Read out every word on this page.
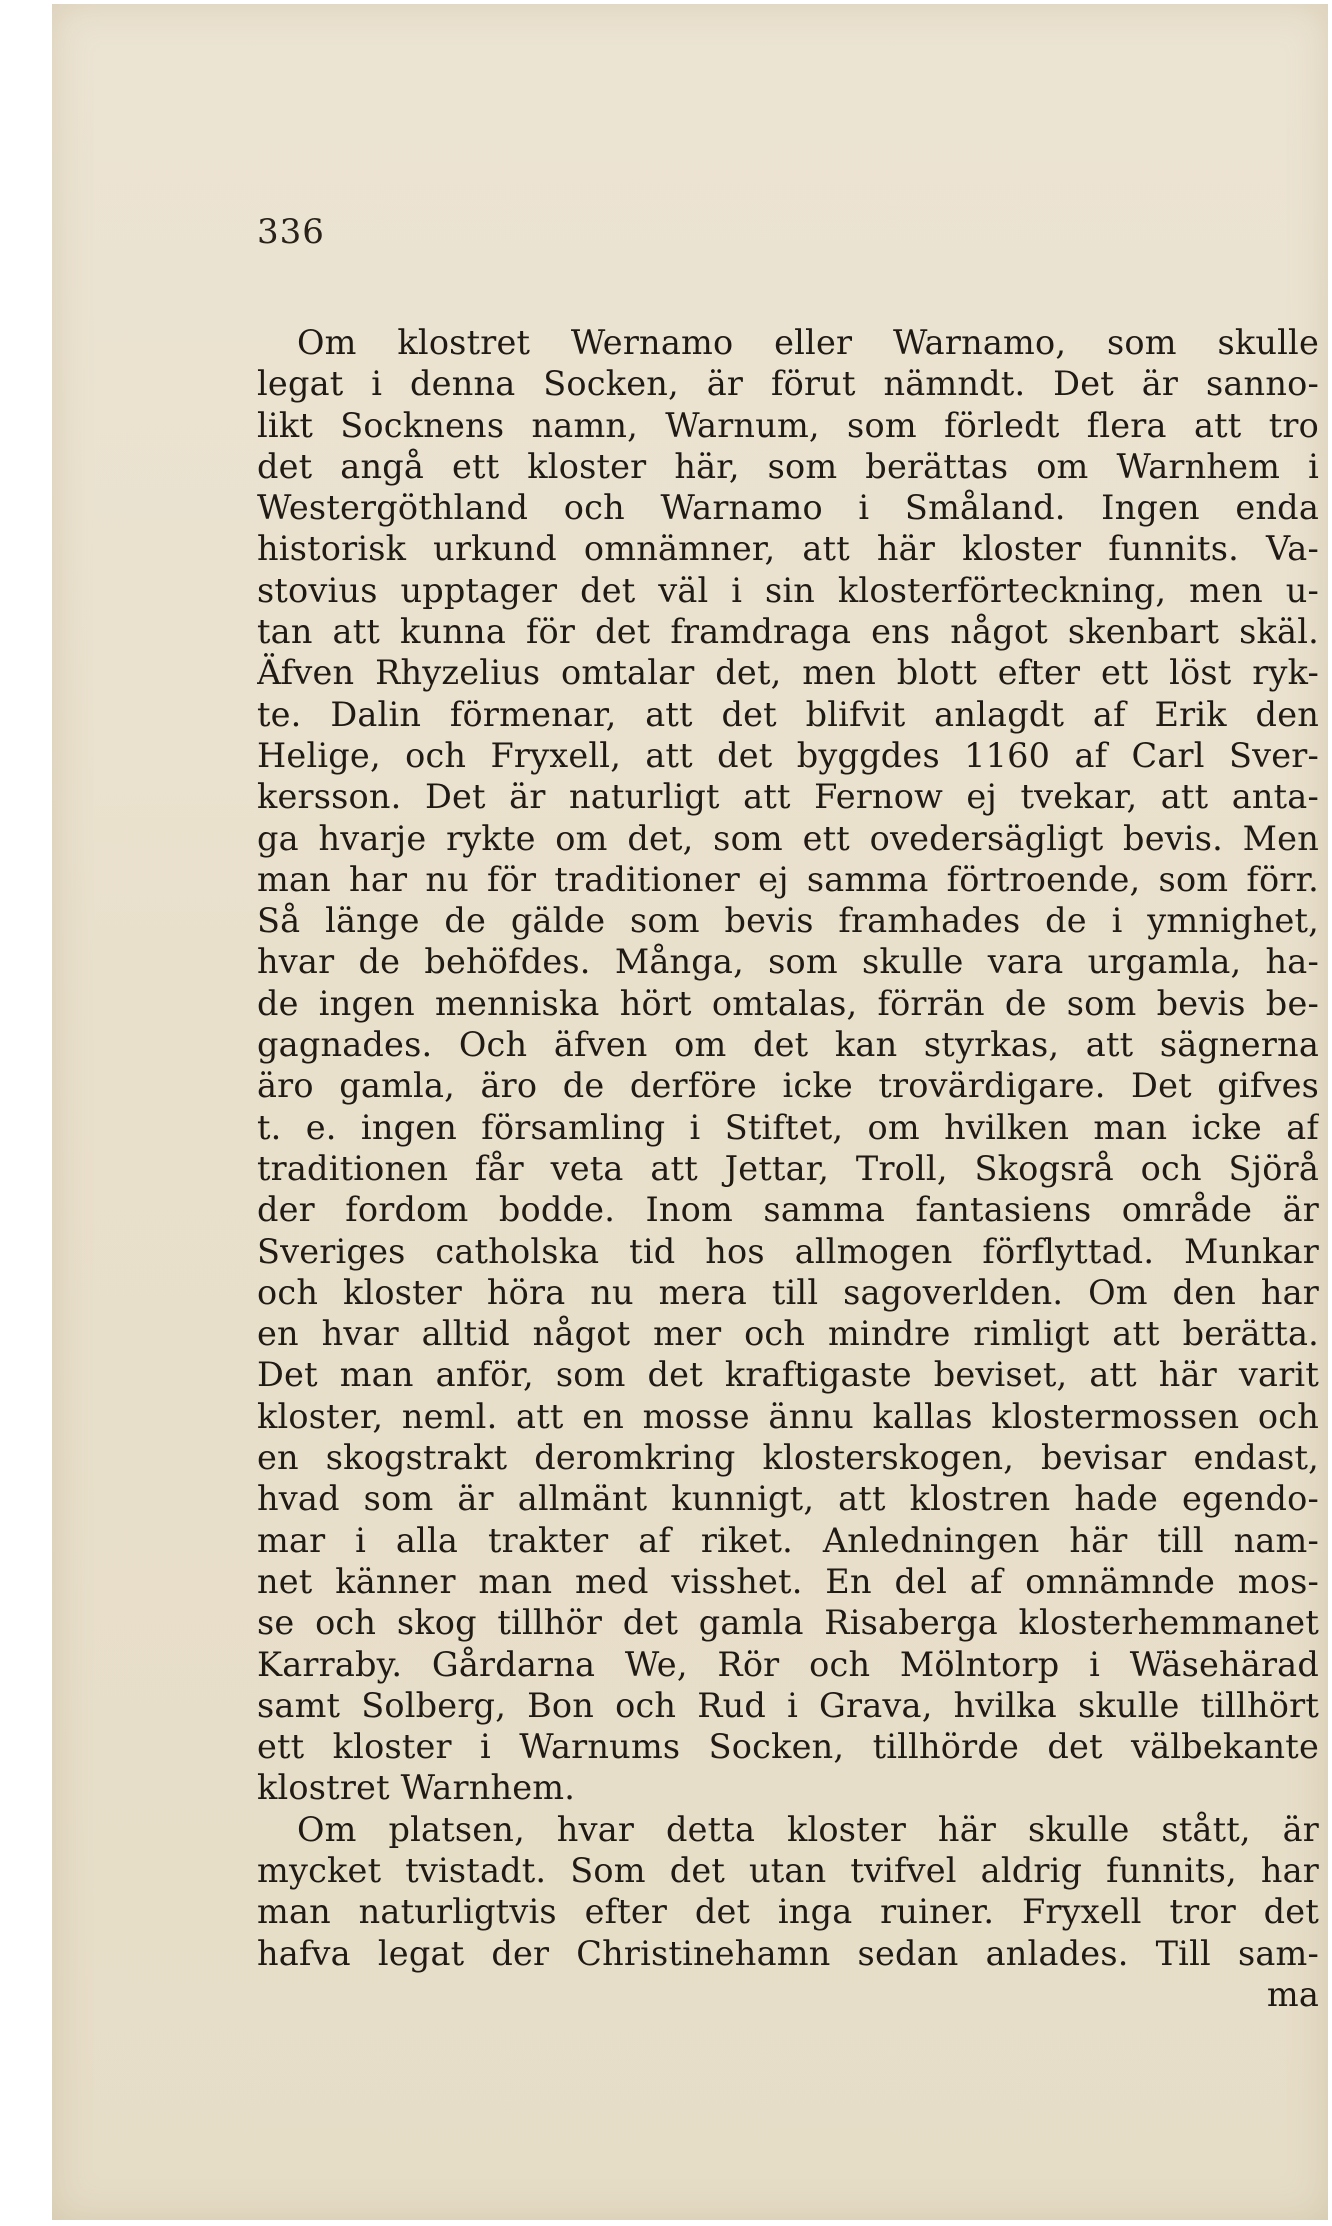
336
Om klostret Wernamo eller Warnamo, som skulle
legat i denna Socken, är förut nämndt. Det är sanno-
likt Socknens namn, Warnum, som förledt flera att tro
det angå ett kloster här, som berättas om Warnhem i
Westergöthland och Warnamo i Småland. Ingen enda
historisk urkund omnämner, att här kloster funnits. Va-
stovius upptager det väl i sin klosterförteckning, men u-
tan att kunna för det framdraga ens något skenbart skäl.
Äfven Rhyzelius omtalar det, men blott efter ett löst ryk-
te. Dalin förmenar, att det blifvit anlagdt af Erik den
Helige, och Fryxell, att det byggdes 1160 af Carl Sver-
kersson. Det är naturligt att Fernow ej tvekar, att anta-
ga hvarje rykte om det, som ett ovedersägligt bevis. Men
man har nu för traditioner ej samma förtroende, som förr.
Så länge de gälde som bevis framhades de i ymnighet,
hvar de behöfdes. Många, som skulle vara urgamla, ha-
de ingen menniska hört omtalas, förrän de som bevis be-
gagnades. Och äfven om det kan styrkas, att sägnerna
äro gamla, äro de derföre icke trovärdigare. Det gifves
t. e. ingen församling i Stiftet, om hvilken man icke af
traditionen får veta att Jettar, Troll, Skogsrå och Sjörå
der fordom bodde. Inom samma fantasiens område är
Sveriges catholska tid hos allmogen förflyttad. Munkar
och kloster höra nu mera till sagoverlden. Om den har
en hvar alltid något mer och mindre rimligt att berätta.
Det man anför, som det kraftigaste beviset, att här varit
kloster, neml. att en mosse ännu kallas klostermossen och
en skogstrakt deromkring klosterskogen, bevisar endast,
hvad som är allmänt kunnigt, att klostren hade egendo-
mar i alla trakter af riket. Anledningen här till nam-
net känner man med visshet. En del af omnämnde mos-
se och skog tillhör det gamla Risaberga klosterhemmanet
Karraby. Gårdarna We, Rör och Mölntorp i Wäsehärad
samt Solberg, Bon och Rud i Grava, hvilka skulle tillhört
ett kloster i Warnums Socken, tillhörde det välbekante
klostret Warnhem.
Om platsen, hvar detta kloster här skulle stått, är
mycket tvistadt. Som det utan tvifvel aldrig funnits, har
man naturligtvis efter det inga ruiner. Fryxell tror det
hafva legat der Christinehamn sedan anlades. Till sam-
ma
